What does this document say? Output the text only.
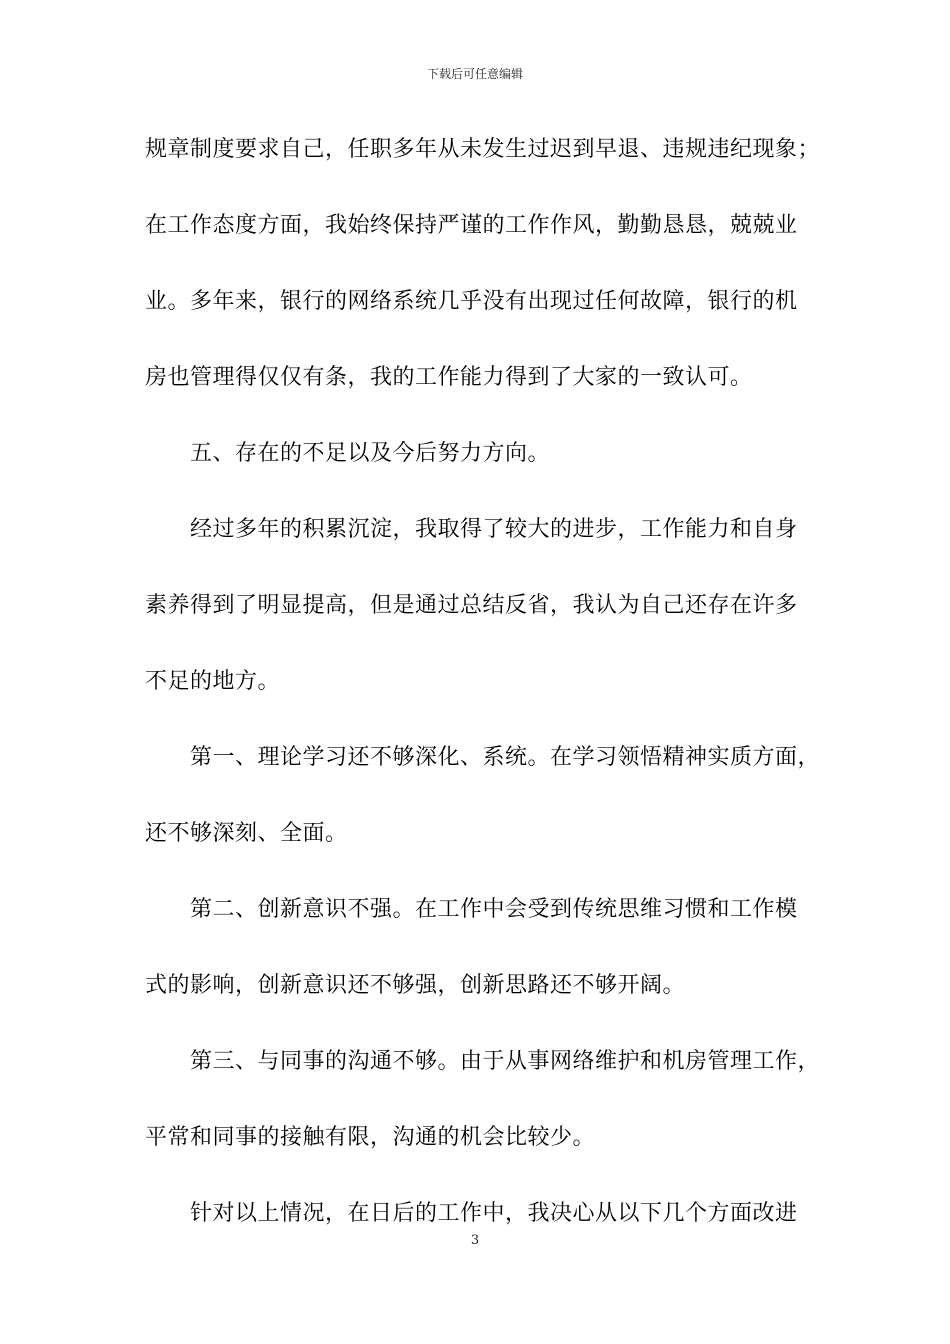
下载后可任意编辑
规章制度要求自己，任职多年从未发生过迟到早退、违规违纪现象；
在工作态度方面，我始终保持严谨的工作作风，勤勤恳恳，兢兢业
业。多年来，银行的网络系统几乎没有出现过任何故障，银行的机
房也管理得仅仅有条，我的工作能力得到了大家的一致认可。
五、存在的不足以及今后努力方向。
经过多年的积累沉淀，我取得了较大的进步，工作能力和自身
素养得到了明显提高，但是通过总结反省，我认为自己还存在许多
不足的地方。
第一、理论学习还不够深化、系统。在学习领悟精神实质方面，
还不够深刻、全面。
第二、创新意识不强。在工作中会受到传统思维习惯和工作模
式的影响，创新意识还不够强，创新思路还不够开阔。
第三、与同事的沟通不够。由于从事网络维护和机房管理工作，
平常和同事的接触有限，沟通的机会比较少。
针对以上情况，在日后的工作中，我决心从以下几个方面改进
3
